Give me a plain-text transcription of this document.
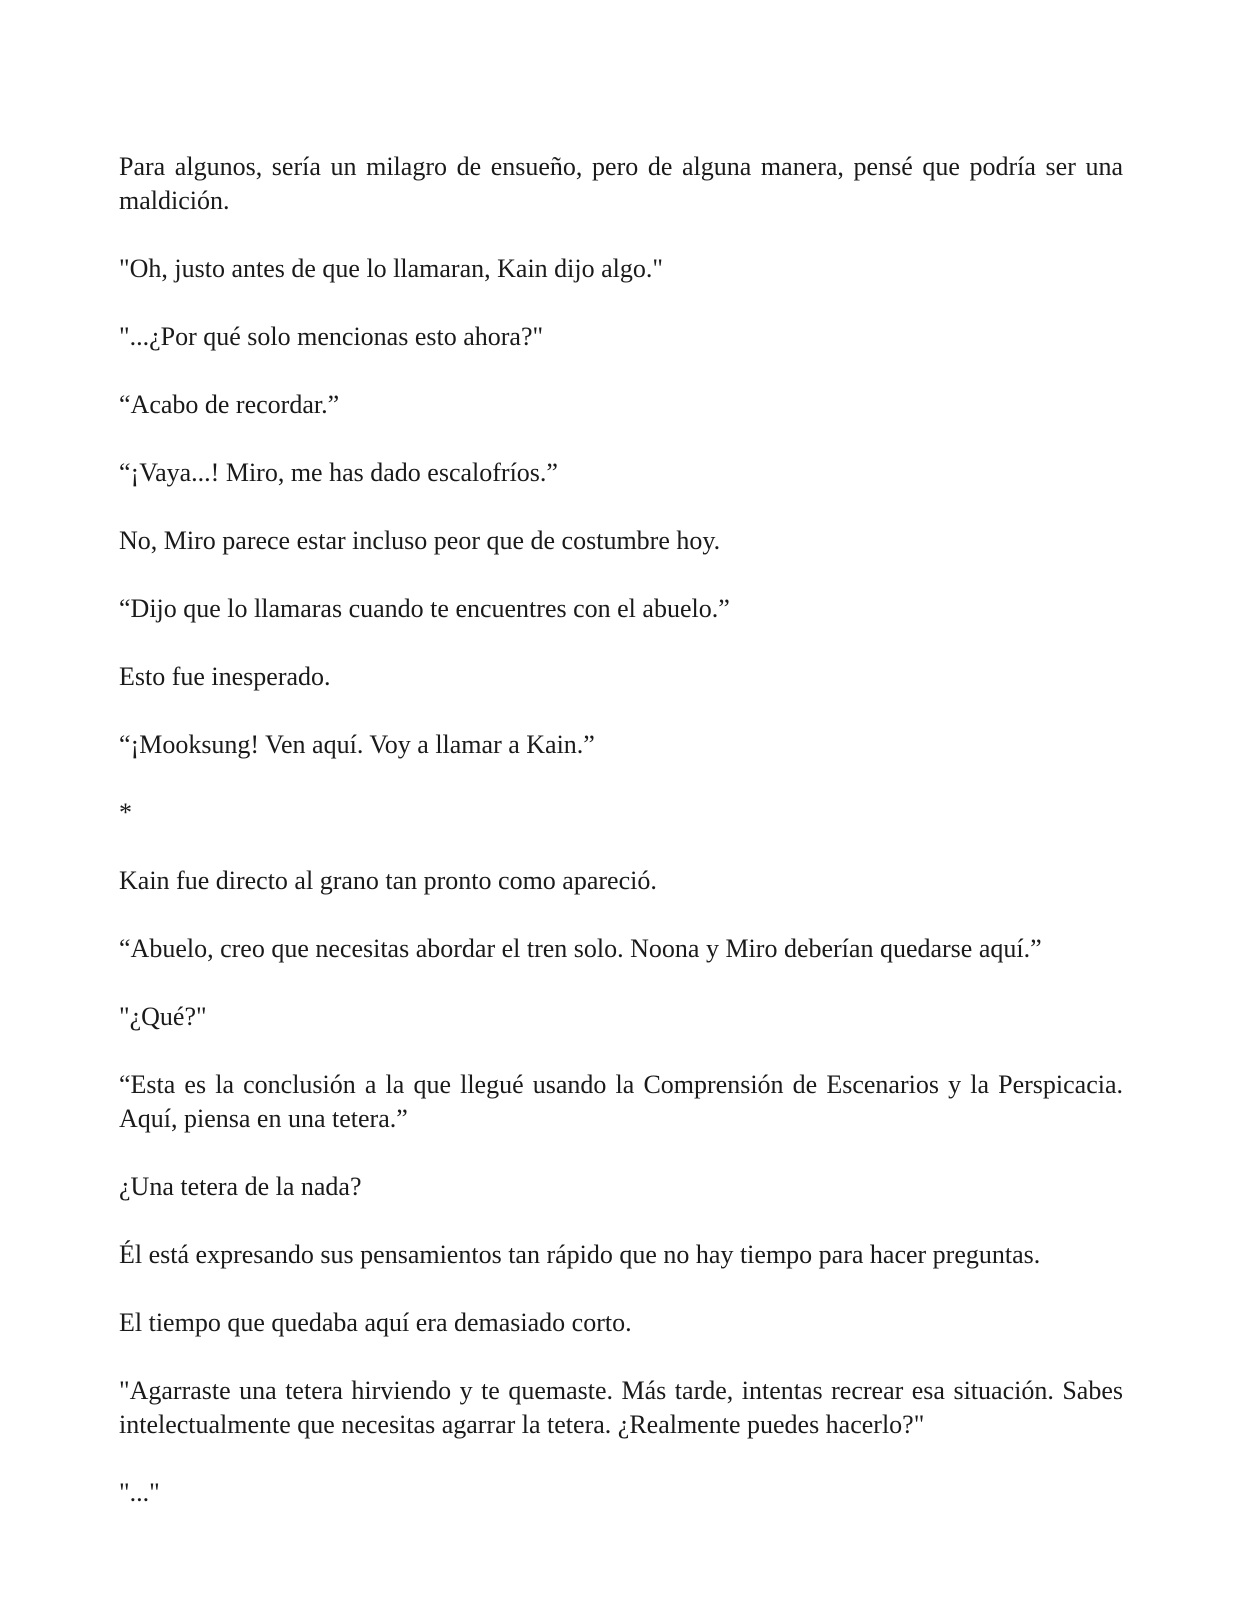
Para algunos, sería un milagro de ensueño, pero de alguna manera, pensé que podría ser una maldición.

"Oh, justo antes de que lo llamaran, Kain dijo algo."

"...¿Por qué solo mencionas esto ahora?"

“Acabo de recordar.”

“¡Vaya...! Miro, me has dado escalofríos.”

No, Miro parece estar incluso peor que de costumbre hoy.

“Dijo que lo llamaras cuando te encuentres con el abuelo.”

Esto fue inesperado.

“¡Mooksung! Ven aquí. Voy a llamar a Kain.”

*

Kain fue directo al grano tan pronto como apareció.

“Abuelo, creo que necesitas abordar el tren solo. Noona y Miro deberían quedarse aquí.”

"¿Qué?"

“Esta es la conclusión a la que llegué usando la Comprensión de Escenarios y la Perspicacia. Aquí, piensa en una tetera.”

¿Una tetera de la nada?

Él está expresando sus pensamientos tan rápido que no hay tiempo para hacer preguntas.

El tiempo que quedaba aquí era demasiado corto.

"Agarraste una tetera hirviendo y te quemaste. Más tarde, intentas recrear esa situación. Sabes intelectualmente que necesitas agarrar la tetera. ¿Realmente puedes hacerlo?"

"..."
